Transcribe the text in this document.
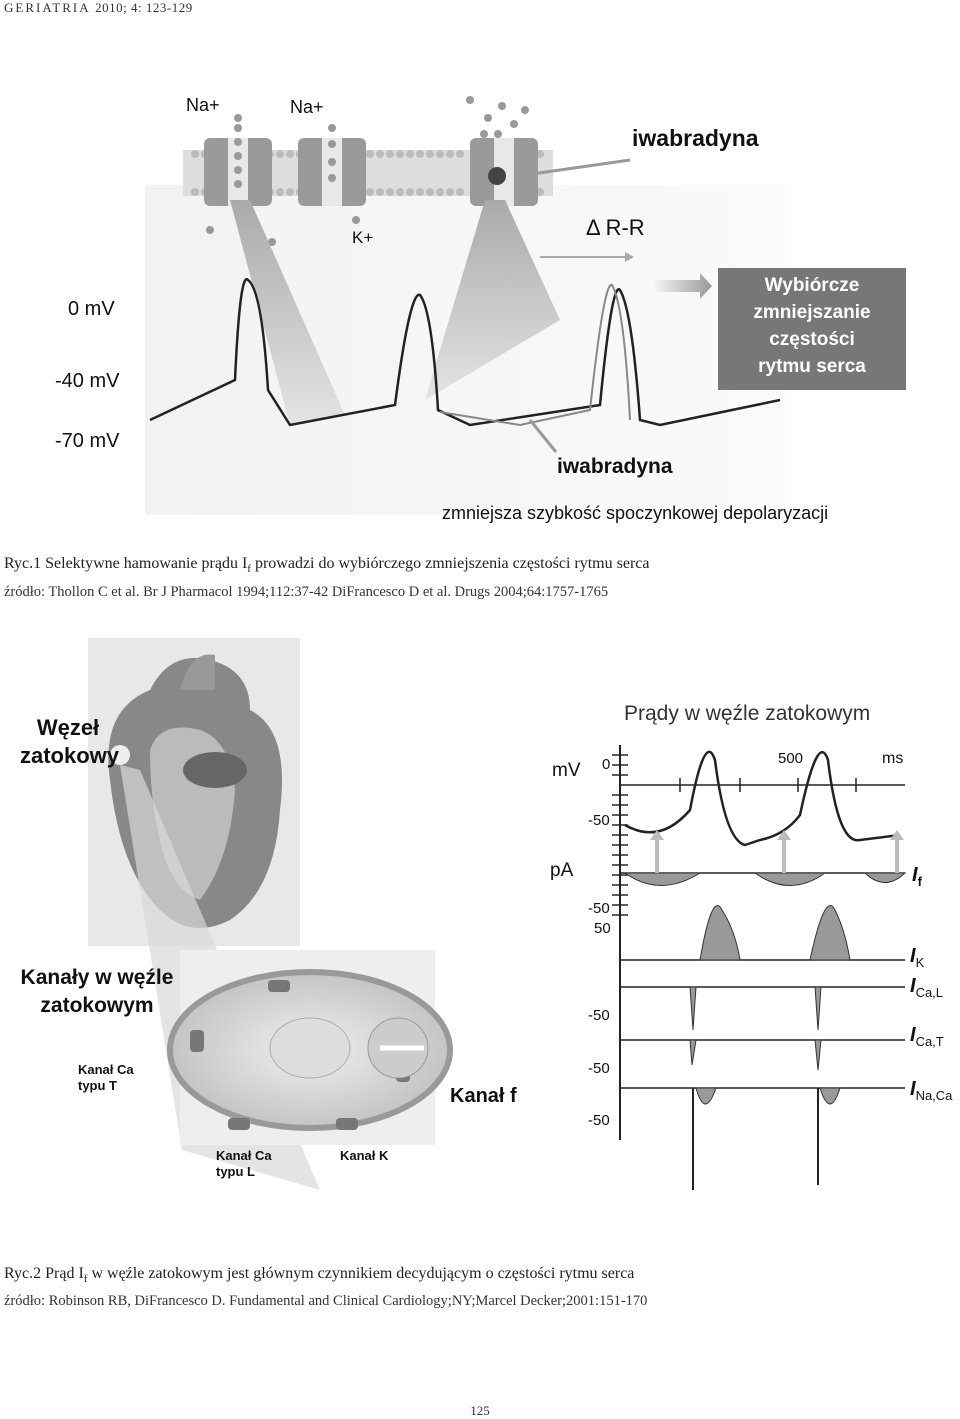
GERIATRIA 2010; 4: 123-129
Na+	Na+
K+
iwabradyna
Δ R-R
0 mV
-40 mV
-70 mV
Wybiórcze
zmniejszanie
częstości
rytmu serca
iwabradyna
zmniejsza szybkość spoczynkowej depolaryzacji
Ryc.1 Selektywne hamowanie prądu $I_f$ prowadzi do wybiórczego zmniejszenia częstości rytmu serca
źródło: Thollon C et al. Br J Pharmacol 1994;112:37-42 DiFrancesco D et al. Drugs 2004;64:1757-1765
Węzeł
zatokowy
Kanały w węźle
zatokowym
Kanał Ca
typu T
Kanał Ca
typu L
Kanał K
Kanał f
Prądy w węźle zatokowym
mV 0	500	ms
-50
pA
-50
50
-50
-50
-50
$I_f$
$I_K$
$I_{Ca,L}$
$I_{Ca,T}$
$I_{Na,Ca}$
Ryc.2 Prąd $I_f$ w węźle zatokowym jest głównym czynnikiem decydującym o częstości rytmu serca
źródło: Robinson RB, DiFrancesco D. Fundamental and Clinical Cardiology;NY;Marcel Decker;2001:151-170
125
